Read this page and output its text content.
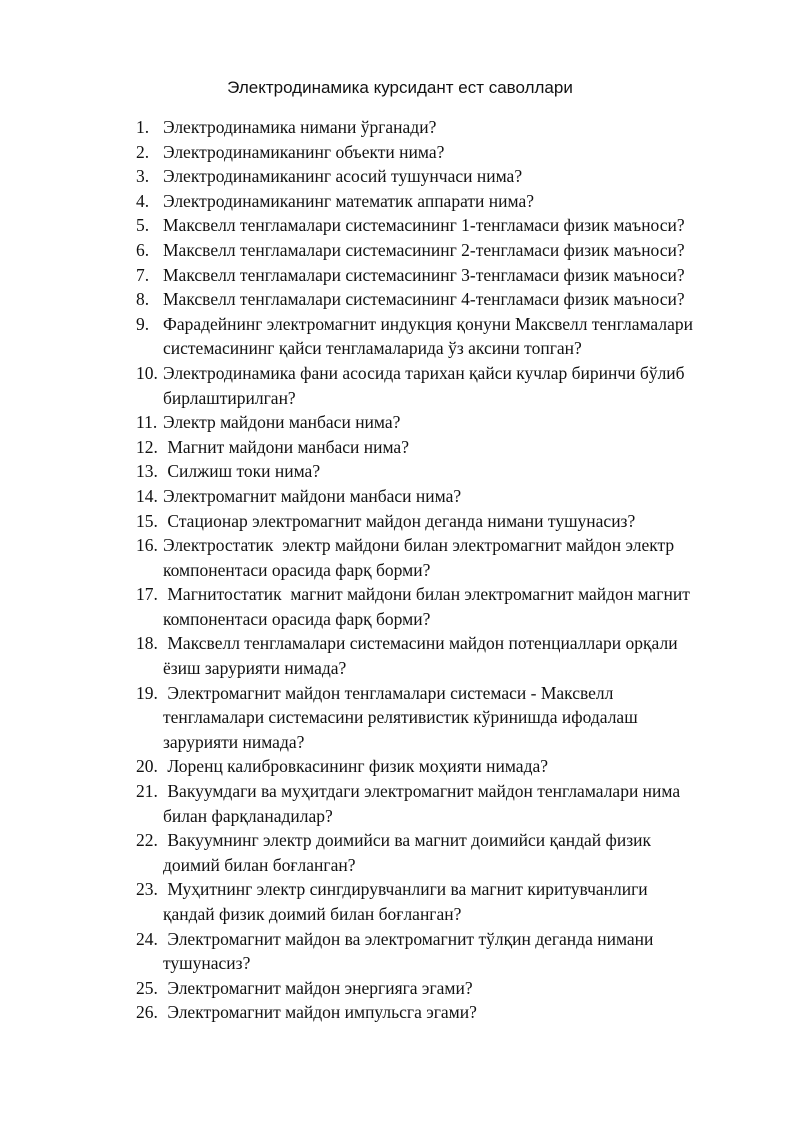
Электродинамика курсидант ест саволлари
1. Электродинамика нимани ўрганади?
2. Электродинамиканинг объекти нима?
3. Электродинамиканинг асосий тушунчаси нима?
4. Электродинамиканинг математик аппарати нима?
5. Максвелл тенгламалари системасининг 1-тенгламаси физик маъноси?
6. Максвелл тенгламалари системасининг 2-тенгламаси физик маъноси?
7. Максвелл тенгламалари системасининг 3-тенгламаси физик маъноси?
8. Максвелл тенгламалари системасининг 4-тенгламаси физик маъноси?
9. Фарадейнинг электромагнит индукция қонуни Максвелл тенгламалари
системасининг қайси тенгламаларида ўз аксини топган?
10. Электродинамика фани асосида тарихан қайси кучлар биринчи бўлиб
бирлаштирилган?
11. Электр майдони манбаси нима?
12. Магнит майдони манбаси нима?
13. Силжиш токи нима?
14. Электромагнит майдони манбаси нима?
15. Стационар электромагнит майдон деганда нимани тушунасиз?
16. Электростатик  электр майдони билан электромагнит майдон электр
компонентаси орасида фарқ борми?
17. Магнитостатик  магнит майдони билан электромагнит майдон магнит
компонентаси орасида фарқ борми?
18. Максвелл тенгламалари системасини майдон потенциаллари орқали
ёзиш зарурияти нимада?
19. Электромагнит майдон тенгламалари системаси - Максвелл
тенгламалари системасини релятивистик кўринишда ифодалаш
зарурияти нимада?
20. Лоренц калибровкасининг физик моҳияти нимада?
21. Вакуумдаги ва муҳитдаги электромагнит майдон тенгламалари нима
билан фарқланадилар?
22. Вакуумнинг электр доимийси ва магнит доимийси қандай физик
доимий билан боғланган?
23. Муҳитнинг электр сингдирувчанлиги ва магнит киритувчанлиги
қандай физик доимий билан боғланган?
24. Электромагнит майдон ва электромагнит тўлқин деганда нимани
тушунасиз?
25. Электромагнит майдон энергияга эгами?
26. Электромагнит майдон импульсга эгами?
